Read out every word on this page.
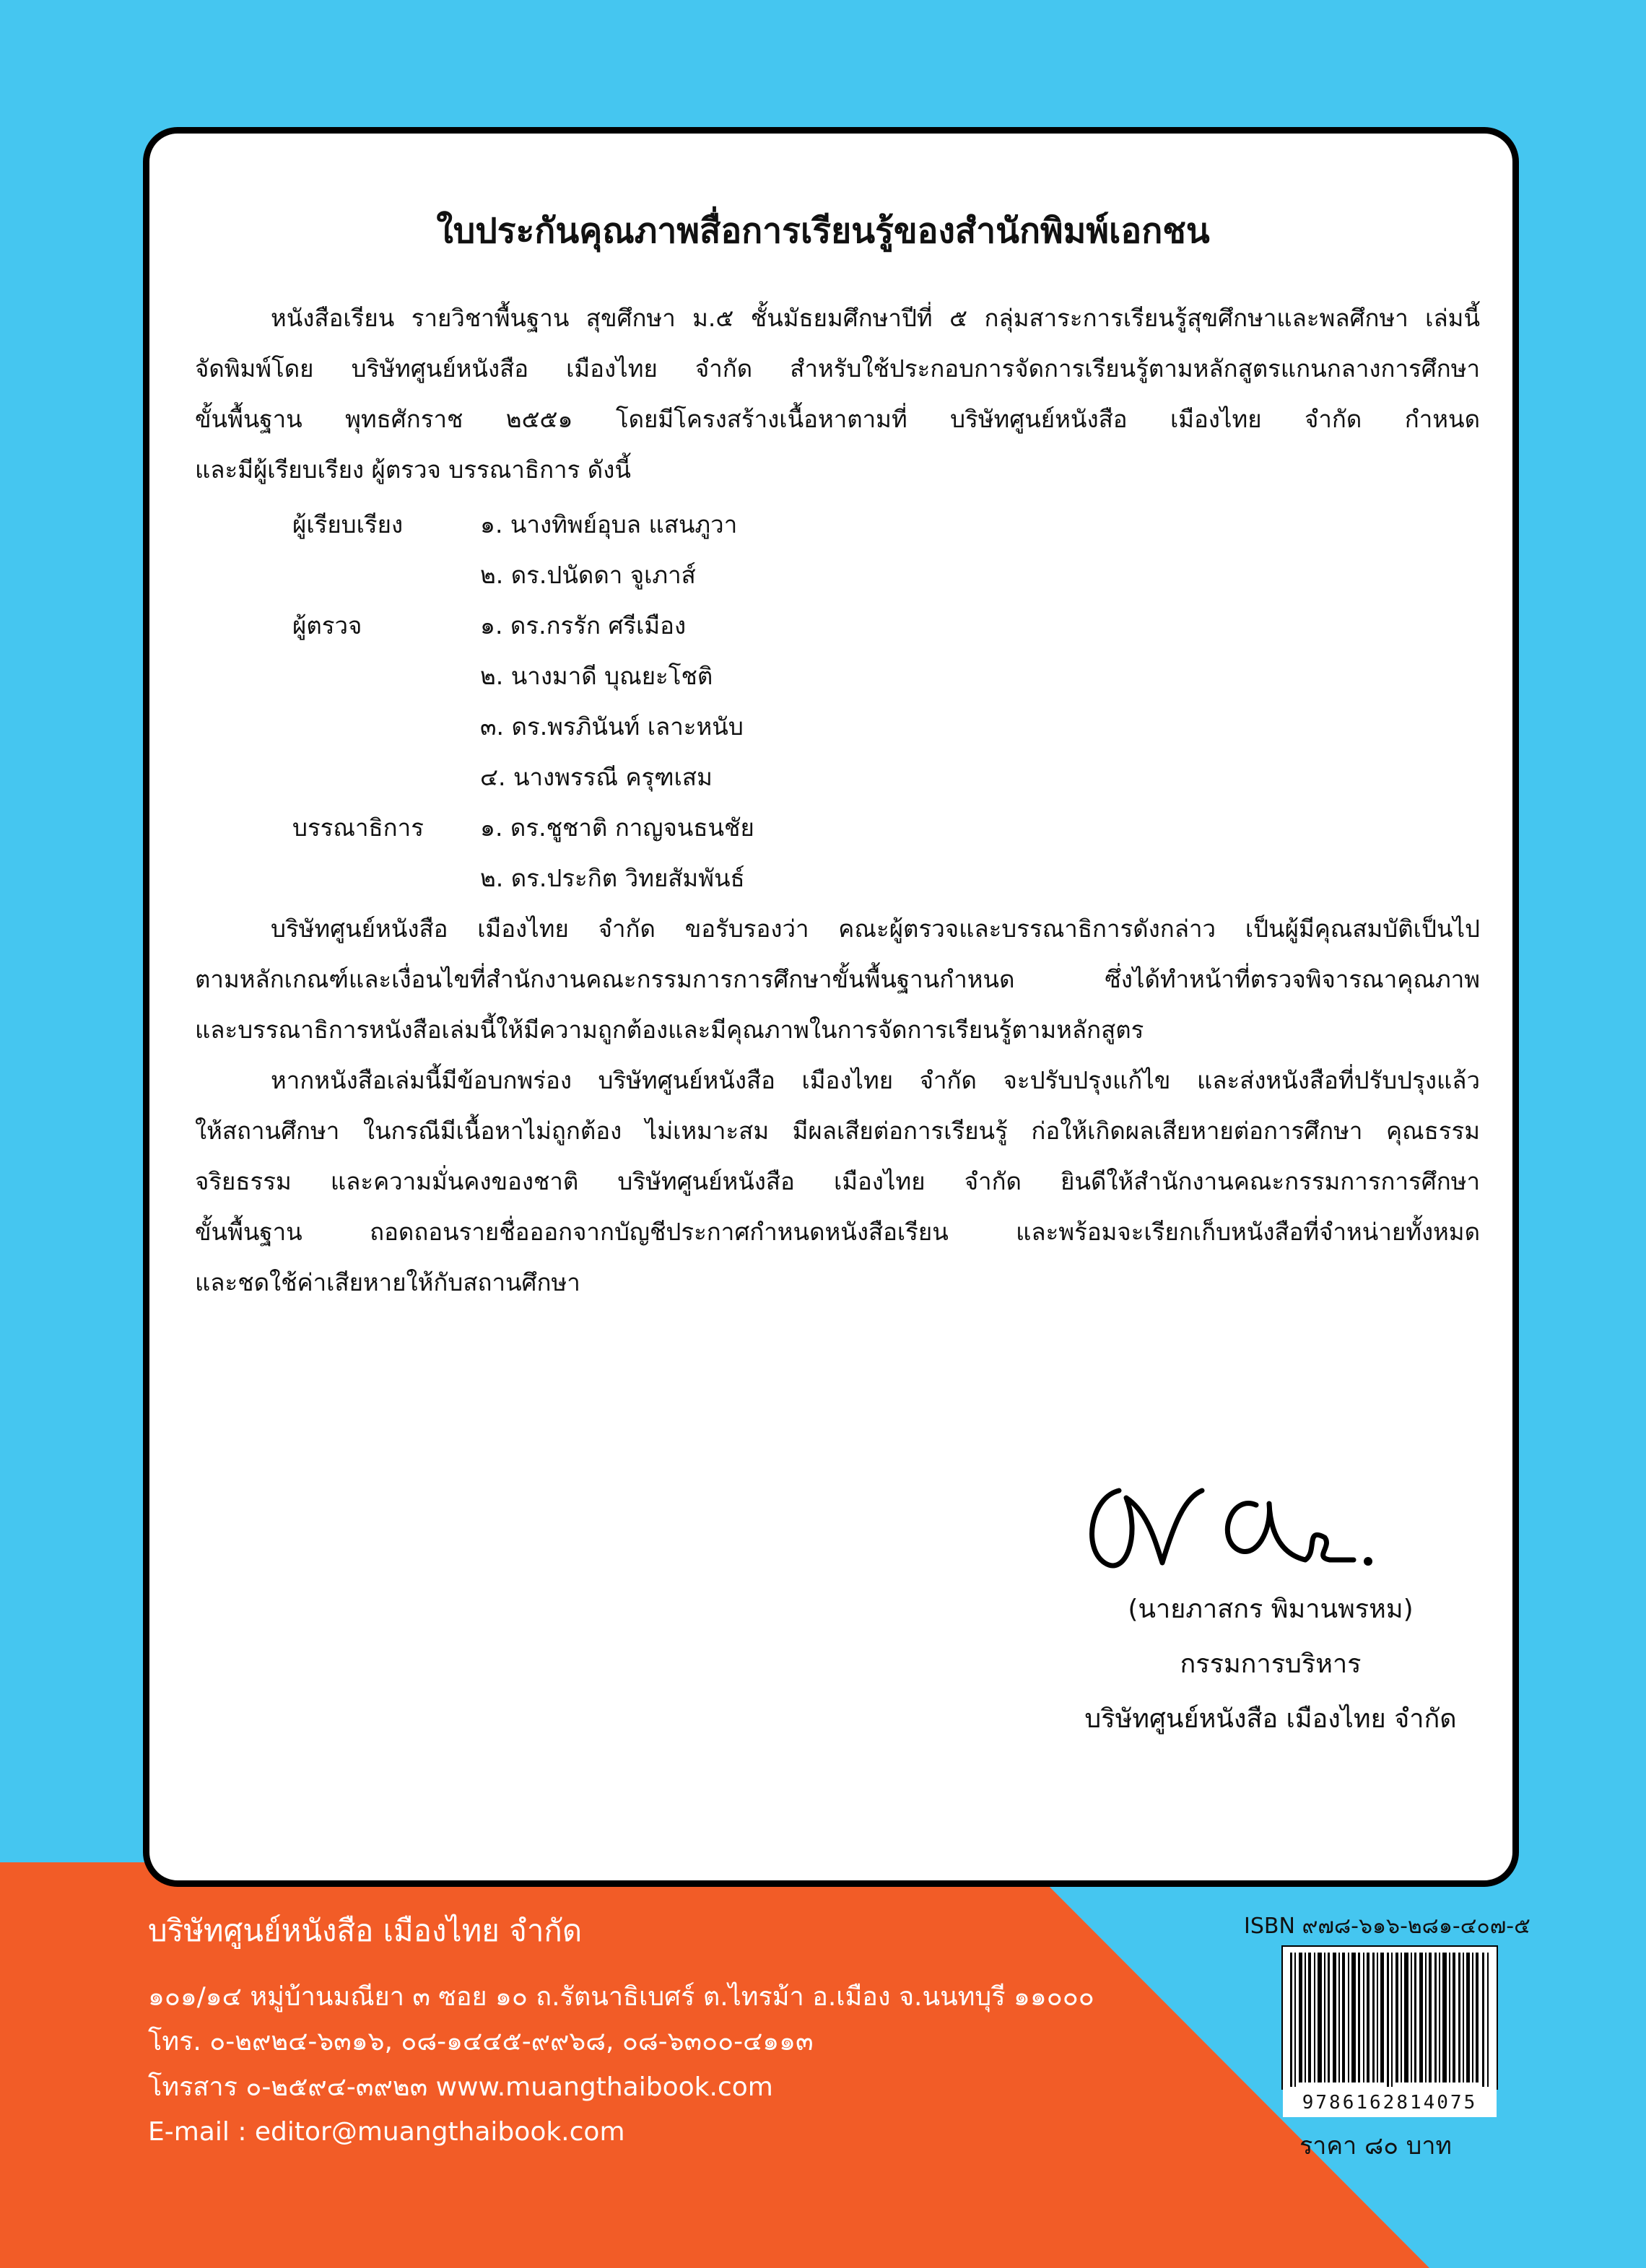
ใบประกันคุณภาพสื่อการเรียนรู้ของสำนักพิมพ์เอกชน
หนังสือเรียน รายวิชาพื้นฐาน สุขศึกษา ม.๕ ชั้นมัธยมศึกษาปีที่ ๕ กลุ่มสาระการเรียนรู้สุขศึกษาและพลศึกษา เล่มนี้
จัดพิมพ์โดย บริษัทศูนย์หนังสือ เมืองไทย จำกัด สำหรับใช้ประกอบการจัดการเรียนรู้ตามหลักสูตรแกนกลางการศึกษา
ขั้นพื้นฐาน พุทธศักราช ๒๕๕๑ โดยมีโครงสร้างเนื้อหาตามที่ บริษัทศูนย์หนังสือ เมืองไทย จำกัด กำหนด
และมีผู้เรียบเรียง ผู้ตรวจ บรรณาธิการ ดังนี้
ผู้เรียบเรียง	๑. นางทิพย์อุบล แสนภูวา
๒. ดร.ปนัดดา จูเภาส์
ผู้ตรวจ	๑. ดร.กรรัก ศรีเมือง
๒. นางมาดี บุณยะโชติ
๓. ดร.พรภินันท์ เลาะหนับ
๔. นางพรรณี ครุฑเสม
บรรณาธิการ ๑. ดร.ชูชาติ กาญจนธนชัย
๒. ดร.ประกิต วิทยสัมพันธ์
บริษัทศูนย์หนังสือ เมืองไทย จำกัด ขอรับรองว่า คณะผู้ตรวจและบรรณาธิการดังกล่าว เป็นผู้มีคุณสมบัติเป็นไป
ตามหลักเกณฑ์และเงื่อนไขที่สำนักงานคณะกรรมการการศึกษาขั้นพื้นฐานกำหนด ซึ่งได้ทำหน้าที่ตรวจพิจารณาคุณภาพ
และบรรณาธิการหนังสือเล่มนี้ให้มีความถูกต้องและมีคุณภาพในการจัดการเรียนรู้ตามหลักสูตร
หากหนังสือเล่มนี้มีข้อบกพร่อง บริษัทศูนย์หนังสือ เมืองไทย จำกัด จะปรับปรุงแก้ไข และส่งหนังสือที่ปรับปรุงแล้ว
ให้สถานศึกษา ในกรณีมีเนื้อหาไม่ถูกต้อง ไม่เหมาะสม มีผลเสียต่อการเรียนรู้ ก่อให้เกิดผลเสียหายต่อการศึกษา คุณธรรม
จริยธรรม และความมั่นคงของชาติ บริษัทศูนย์หนังสือ เมืองไทย จำกัด ยินดีให้สำนักงานคณะกรรมการการศึกษา
ขั้นพื้นฐาน ถอดถอนรายชื่อออกจากบัญชีประกาศกำหนดหนังสือเรียน และพร้อมจะเรียกเก็บหนังสือที่จำหน่ายทั้งหมด
และชดใช้ค่าเสียหายให้กับสถานศึกษา
(นายภาสกร พิมานพรหม)
กรรมการบริหาร
บริษัทศูนย์หนังสือ เมืองไทย จำกัด
บริษัทศูนย์หนังสือ เมืองไทย จำกัด
๑๐๑/๑๔ หมู่บ้านมณียา ๓ ซอย ๑๐ ถ.รัตนาธิเบศร์ ต.ไทรม้า อ.เมือง จ.นนทบุรี ๑๑๐๐๐
โทร. ๐-๒๙๒๔-๖๓๑๖, ๐๘-๑๔๔๕-๙๙๖๘, ๐๘-๖๓๐๐-๔๑๑๓
โทรสาร ๐-๒๕๙๔-๓๙๒๓ www.muangthaibook.com
E-mail : editor@muangthaibook.com
ISBN ๙๗๘-๖๑๖-๒๘๑-๔๐๗-๕
9786162814075
ราคา ๘๐ บาท
